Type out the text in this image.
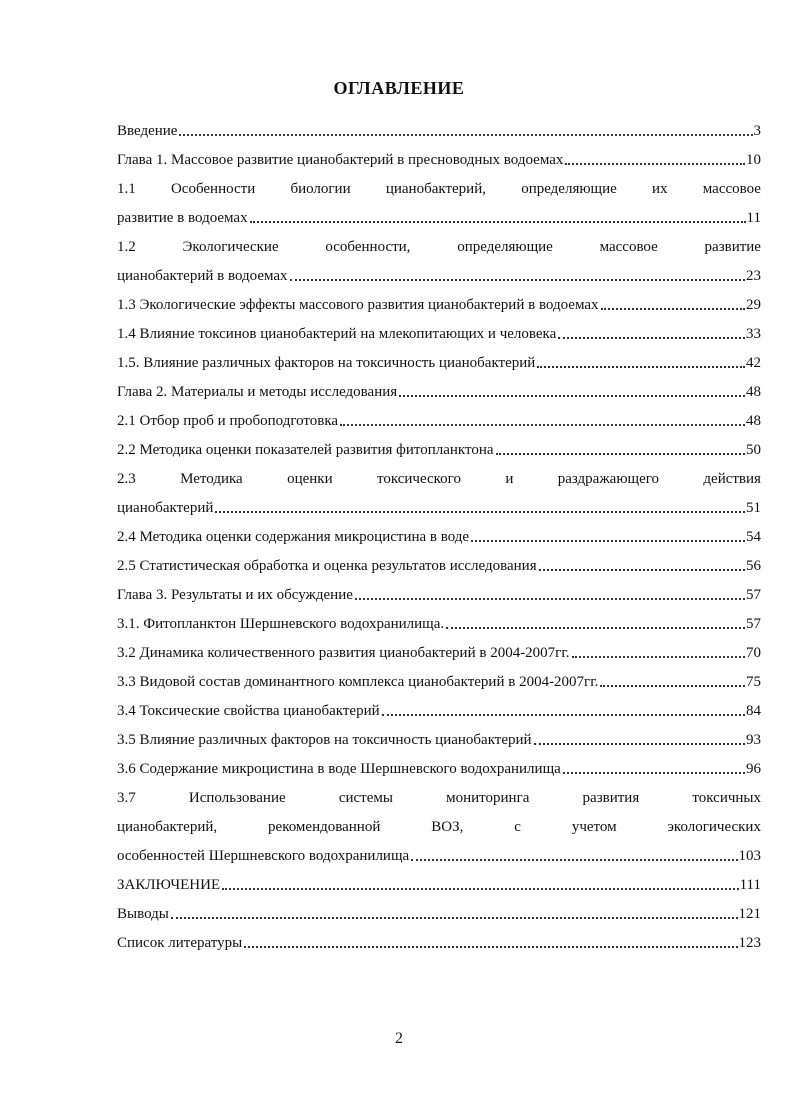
ОГЛАВЛЕНИЕ
Введение	3
Глава 1. Массовое развитие цианобактерий в пресноводных водоемах	10
1.1 Особенности биологии цианобактерий, определяющие их массовое
развитие в водоемах	11
1.2	Экологические	особенности,	определяющие	массовое	развитие
цианобактерий в водоемах	23
1.3 Экологические эффекты массового развития цианобактерий в водоемах	29
1.4 Влияние токсинов цианобактерий на млекопитающих и человека	33
1.5. Влияние различных факторов на токсичность цианобактерий	42
Глава 2. Материалы и методы исследования	48
2.1 Отбор проб и пробоподготовка	48
2.2 Методика оценки показателей развития фитопланктона	50
2.3	Методика	оценки	токсического	и	раздражающего	действия
цианобактерий	51
2.4 Методика оценки содержания микроцистина в воде	54
2.5 Статистическая обработка и оценка результатов исследования	56
Глава 3. Результаты и их обсуждение	57
3.1. Фитопланктон Шершневского водохранилища.	57
3.2 Динамика количественного развития цианобактерий в 2004-2007гг.	70
3.3 Видовой состав доминантного комплекса цианобактерий в 2004-2007гг.	75
3.4 Токсические свойства цианобактерий	84
3.5 Влияние различных факторов на токсичность цианобактерий	93
3.6 Содержание микроцистина в воде Шершневского водохранилища	96
3.7	Использование	системы	мониторинга	развития	токсичных
цианобактерий,	рекомендованной	ВОЗ,	с	учетом	экологических
особенностей Шершневского водохранилища	103
ЗАКЛЮЧЕНИЕ	111
Выводы	121
Список литературы	123
2
